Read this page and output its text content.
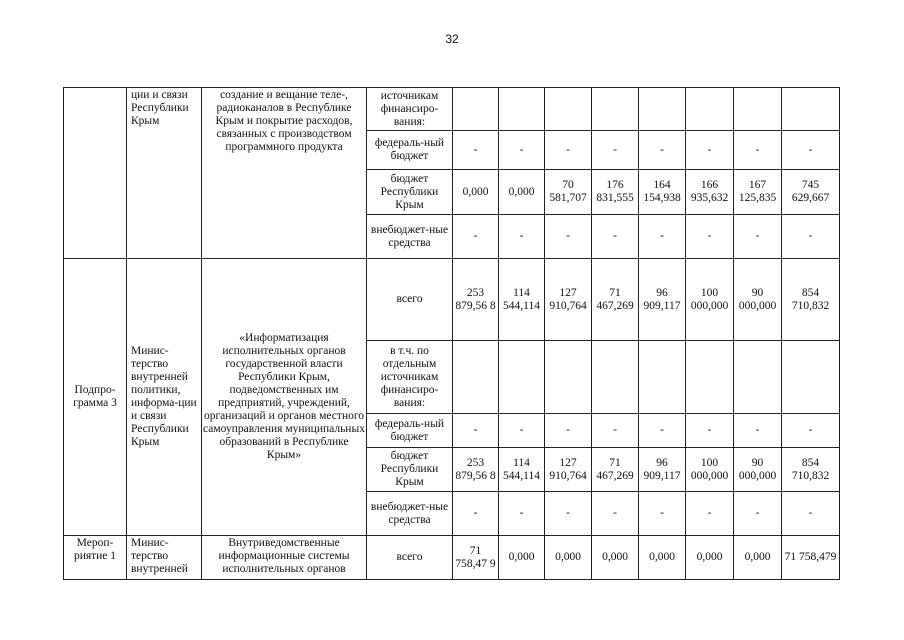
32
	ции и связи Республики Крым	создание и вещание теле-, радиоканалов в Республике Крым и покрытие расходов, связанных с производством программного продукта	источникам финансиро-вания:								
			федераль-ный бюджет	-	-	-	-	-	-	-	-
			бюджет Республики Крым	0,000	0,000	70 581,707	176 831,555	164 154,938	166 935,632	167 125,835	745 629,667
			внебюджет-ные средства	-	-	-	-	-	-	-	-
Подпро-грамма 3	Минис-терство внутренней политики, информа-ции и связи Республики Крым	«Информатизация исполнительных органов государственной власти Республики Крым, подведомственных им предприятий, учреждений, организаций и органов местного самоуправления муниципальных образований в Республике Крым»	всего	253 879,56 8	114 544,114	127 910,764	71 467,269	96 909,117	100 000,000	90 000,000	854 710,832
			в т.ч. по отдельным источникам финансиро-вания:								
			федераль-ный бюджет	-	-	-	-	-	-	-	-
			бюджет Республики Крым	253 879,56 8	114 544,114	127 910,764	71 467,269	96 909,117	100 000,000	90 000,000	854 710,832
			внебюджет-ные средства	-	-	-	-	-	-	-	-
Мероп-риятие 1	Минис-терство внутренней	Внутриведомственные информационные системы исполнительных органов	всего	71 758,47 9	0,000	0,000	0,000	0,000	0,000	0,000	71 758,479
